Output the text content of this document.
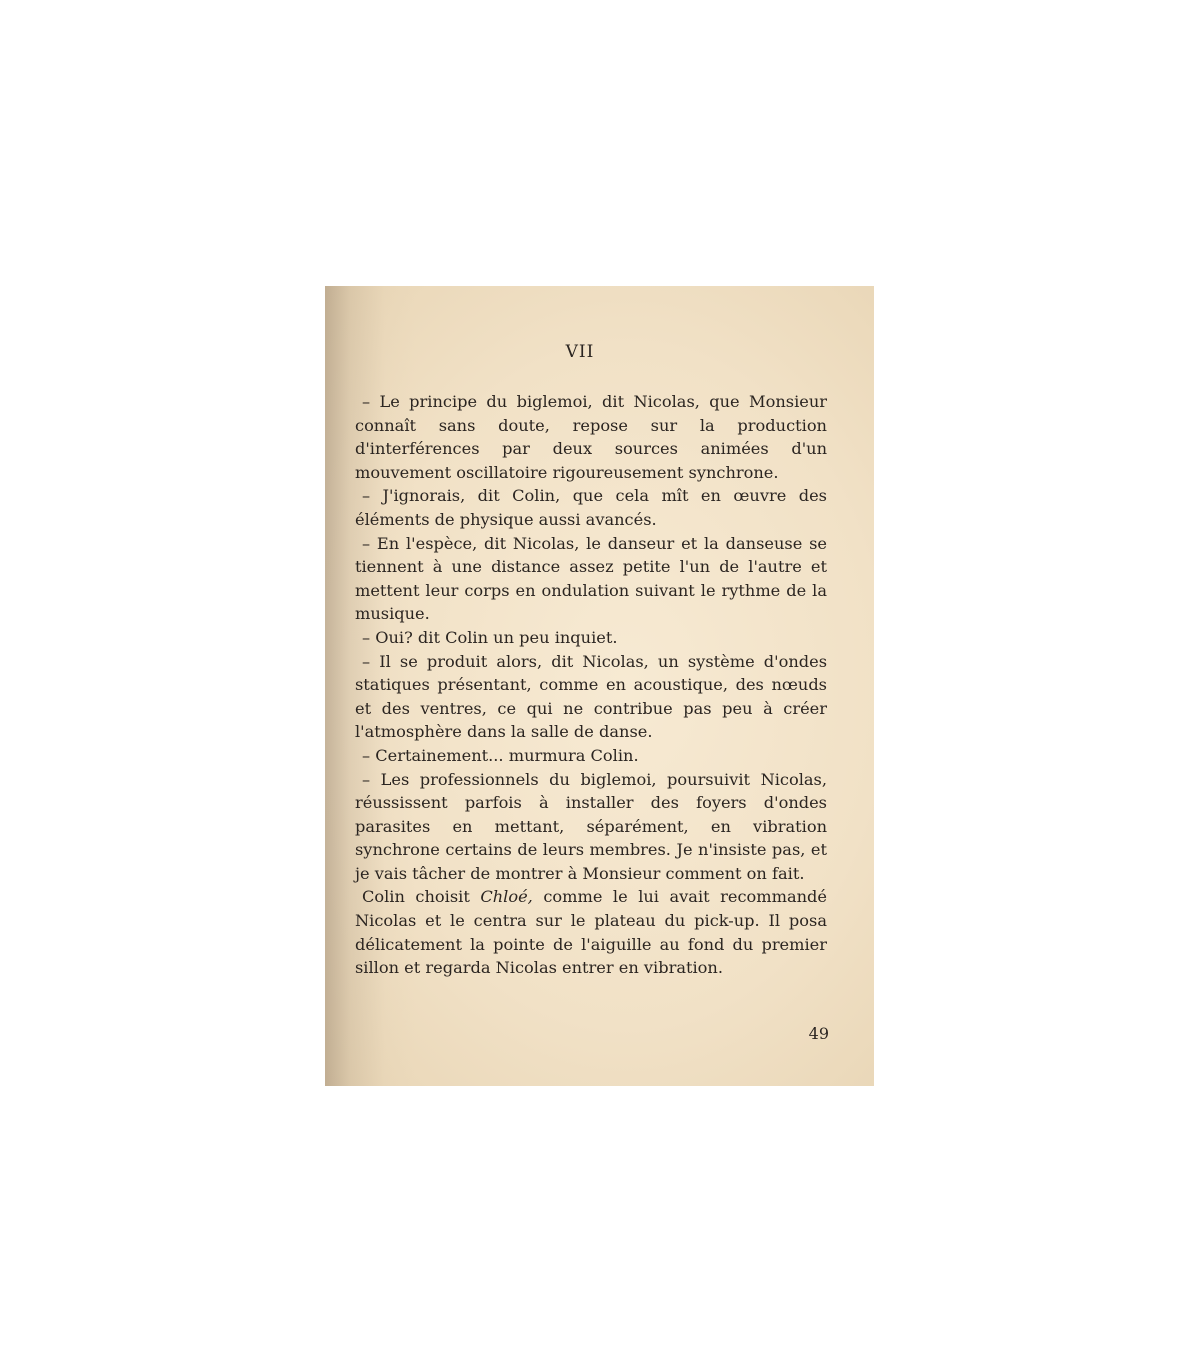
VII

– Le principe du biglemoi, dit Nicolas, que Monsieur connaît sans doute, repose sur la production d'interférences par deux sources animées d'un mouvement oscillatoire rigoureusement synchrone.

– J'ignorais, dit Colin, que cela mît en œuvre des éléments de physique aussi avancés.

– En l'espèce, dit Nicolas, le danseur et la danseuse se tiennent à une distance assez petite l'un de l'autre et mettent leur corps en ondulation suivant le rythme de la musique.

– Oui? dit Colin un peu inquiet.

– Il se produit alors, dit Nicolas, un système d'ondes statiques présentant, comme en acoustique, des nœuds et des ventres, ce qui ne contribue pas peu à créer l'atmosphère dans la salle de danse.

– Certainement... murmura Colin.

– Les professionnels du biglemoi, poursuivit Nicolas, réussissent parfois à installer des foyers d'ondes parasites en mettant, séparément, en vibration synchrone certains de leurs membres. Je n'insiste pas, et je vais tâcher de montrer à Monsieur comment on fait.

Colin choisit Chloé, comme le lui avait recommandé Nicolas et le centra sur le plateau du pick-up. Il posa délicatement la pointe de l'aiguille au fond du premier sillon et regarda Nicolas entrer en vibration.

49
